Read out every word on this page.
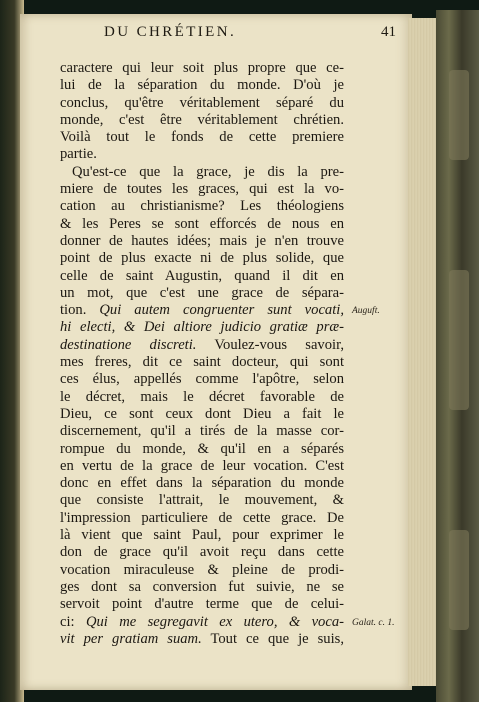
DU CHRÉTIEN.	41
caractere qui leur soit plus propre que ce-
lui de la séparation du monde. D'où je
conclus, qu'être véritablement séparé du
monde, c'est être véritablement chrétien.
Voilà tout le fonds de cette premiere
partie.
Qu'est-ce que la grace, je dis la pre-
miere de toutes les graces, qui est la vo-
cation au christianisme? Les théologiens
& les Peres se sont efforcés de nous en
donner de hautes idées; mais je n'en trouve
point de plus exacte ni de plus solide, que
celle de saint Augustin, quand il dit en
un mot, que c'est une grace de sépara-
tion. Qui autem congruenter sunt vocati,
hi electi, & Dei altiore judicio gratiæ præ-
destinatione discreti. Voulez-vous savoir,
mes freres, dit ce saint docteur, qui sont
ces élus, appellés comme l'apôtre, selon
le décret, mais le décret favorable de
Dieu, ce sont ceux dont Dieu a fait le
discernement, qu'il a tirés de la masse cor-
rompue du monde, & qu'il en a séparés
en vertu de la grace de leur vocation. C'est
donc en effet dans la séparation du monde
que consiste l'attrait, le mouvement, &
l'impression particuliere de cette grace. De
là vient que saint Paul, pour exprimer le
don de grace qu'il avoit reçu dans cette
vocation miraculeuse & pleine de prodi-
ges dont sa conversion fut suivie, ne se
servoit point d'autre terme que de celui-
ci: Qui me segregavit ex utero, & voca-
vit per gratiam suam. Tout ce que je suis,
Auguft.
Galat. c. 1.
